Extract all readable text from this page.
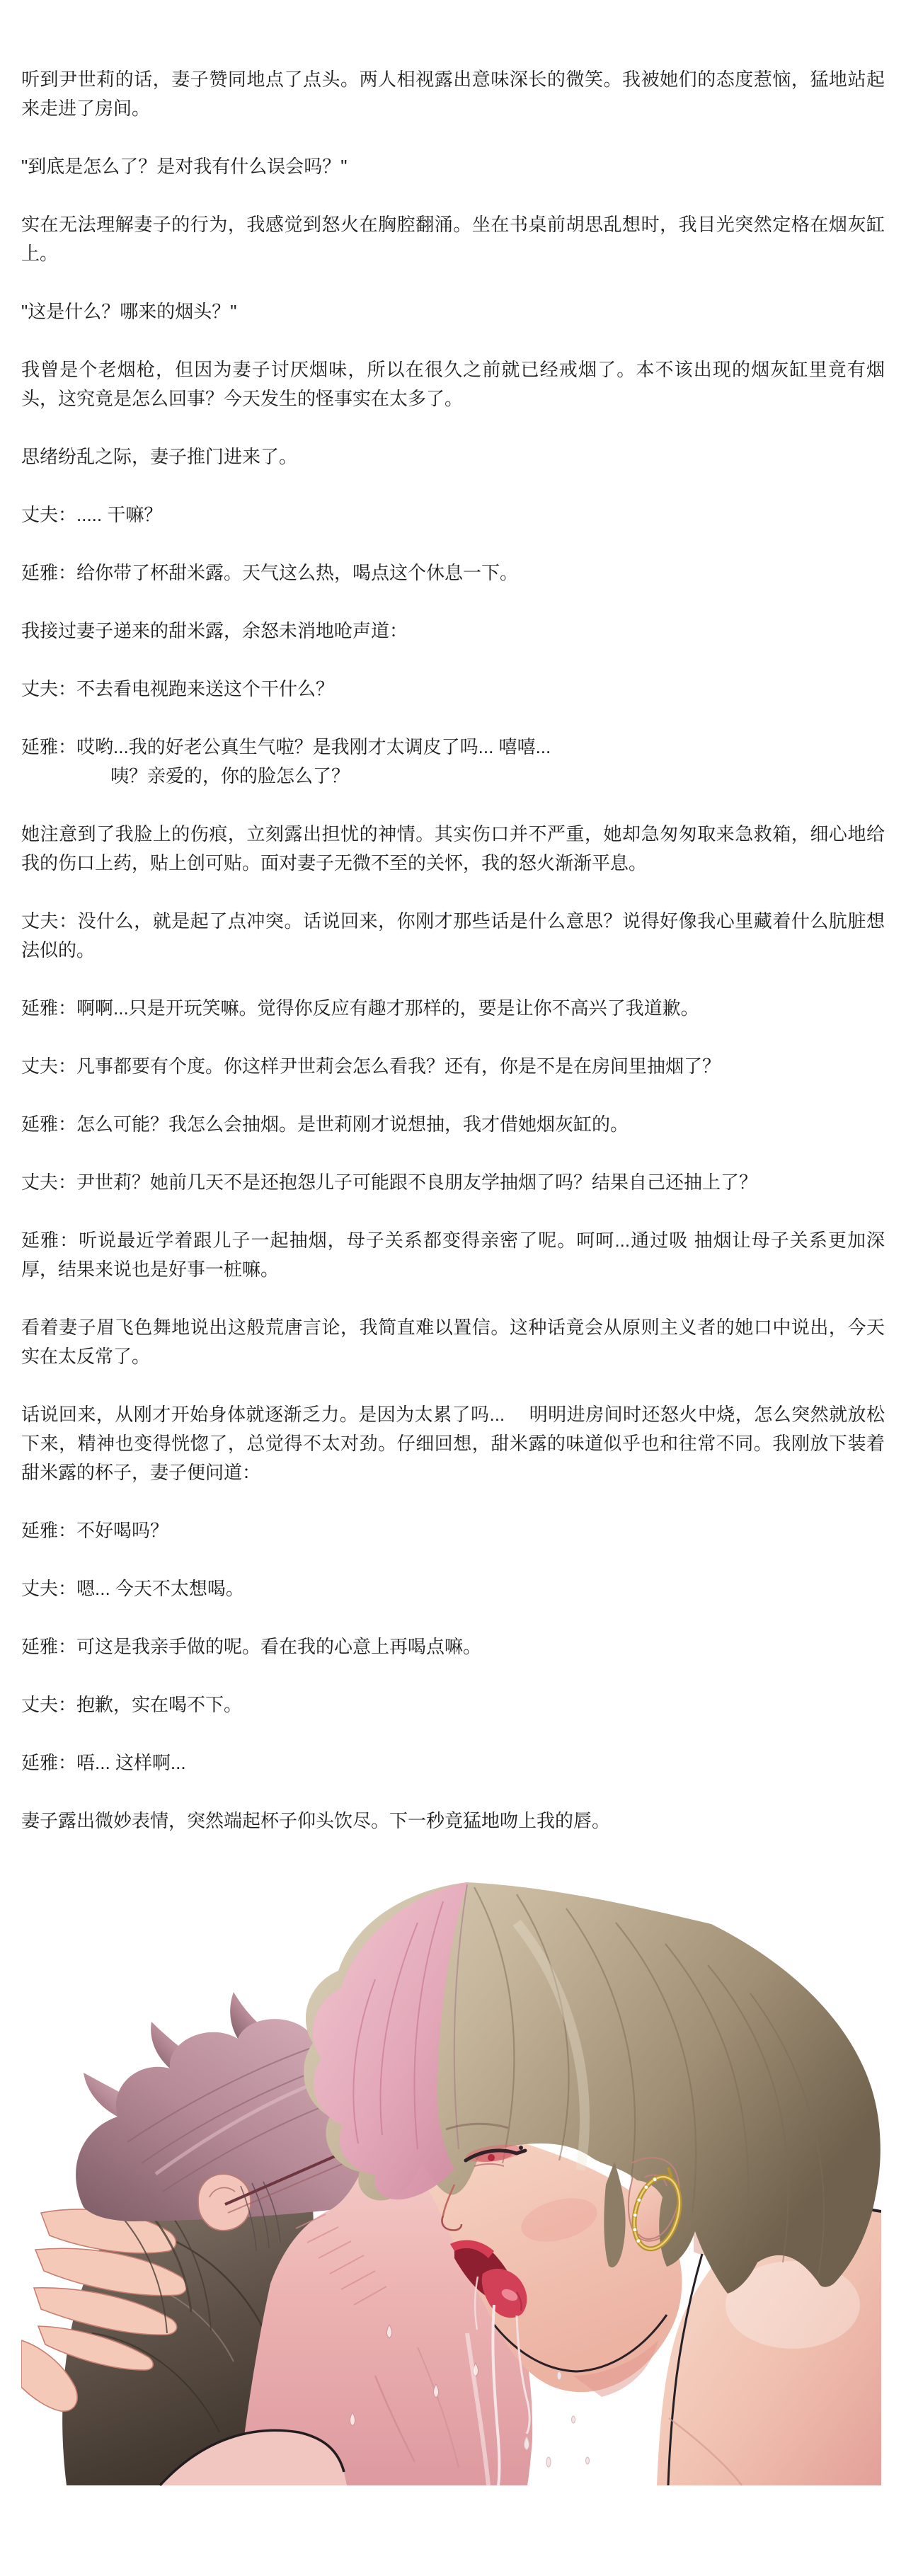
听到尹世莉的话，妻子赞同地点了点头。两人相视露出意味深长的微笑。我被她们的态度惹恼，猛地站起来走进了房间。

"到底是怎么了？是对我有什么误会吗？"

实在无法理解妻子的行为，我感觉到怒火在胸腔翻涌。坐在书桌前胡思乱想时，我目光突然定格在烟灰缸上。

"这是什么？哪来的烟头？"

我曾是个老烟枪，但因为妻子讨厌烟味，所以在很久之前就已经戒烟了。本不该出现的烟灰缸里竟有烟头，这究竟是怎么回事？今天发生的怪事实在太多了。

思绪纷乱之际，妻子推门进来了。

丈夫：..... 干嘛？

延雅：给你带了杯甜米露。天气这么热，喝点这个休息一下。

我接过妻子递来的甜米露，余怒未消地呛声道：

丈夫：不去看电视跑来送这个干什么？

延雅：哎哟...我的好老公真生气啦？是我刚才太调皮了吗... 嘻嘻...
咦？亲爱的，你的脸怎么了？

她注意到了我脸上的伤痕，立刻露出担忧的神情。其实伤口并不严重，她却急匆匆取来急救箱，细心地给我的伤口上药，贴上创可贴。面对妻子无微不至的关怀，我的怒火渐渐平息。

丈夫：没什么，就是起了点冲突。话说回来，你刚才那些话是什么意思？说得好像我心里藏着什么肮脏想法似的。

延雅：啊啊...只是开玩笑嘛。觉得你反应有趣才那样的，要是让你不高兴了我道歉。

丈夫：凡事都要有个度。你这样尹世莉会怎么看我？还有，你是不是在房间里抽烟了？

延雅：怎么可能？我怎么会抽烟。是世莉刚才说想抽，我才借她烟灰缸的。

丈夫：尹世莉？她前几天不是还抱怨儿子可能跟不良朋友学抽烟了吗？结果自己还抽上了？

延雅：听说最近学着跟儿子一起抽烟，母子关系都变得亲密了呢。呵呵...通过吸 抽烟让母子关系更加深厚，结果来说也是好事一桩嘛。

看着妻子眉飞色舞地说出这般荒唐言论，我简直难以置信。这种话竟会从原则主义者的她口中说出，今天实在太反常了。

话说回来，从刚才开始身体就逐渐乏力。是因为太累了吗...　 明明进房间时还怒火中烧，怎么突然就放松下来，精神也变得恍惚了，总觉得不太对劲。仔细回想，甜米露的味道似乎也和往常不同。我刚放下装着甜米露的杯子，妻子便问道：

延雅：不好喝吗？

丈夫：嗯... 今天不太想喝。

延雅：可这是我亲手做的呢。看在我的心意上再喝点嘛。

丈夫：抱歉，实在喝不下。

延雅：唔... 这样啊...

妻子露出微妙表情，突然端起杯子仰头饮尽。下一秒竟猛地吻上我的唇。
